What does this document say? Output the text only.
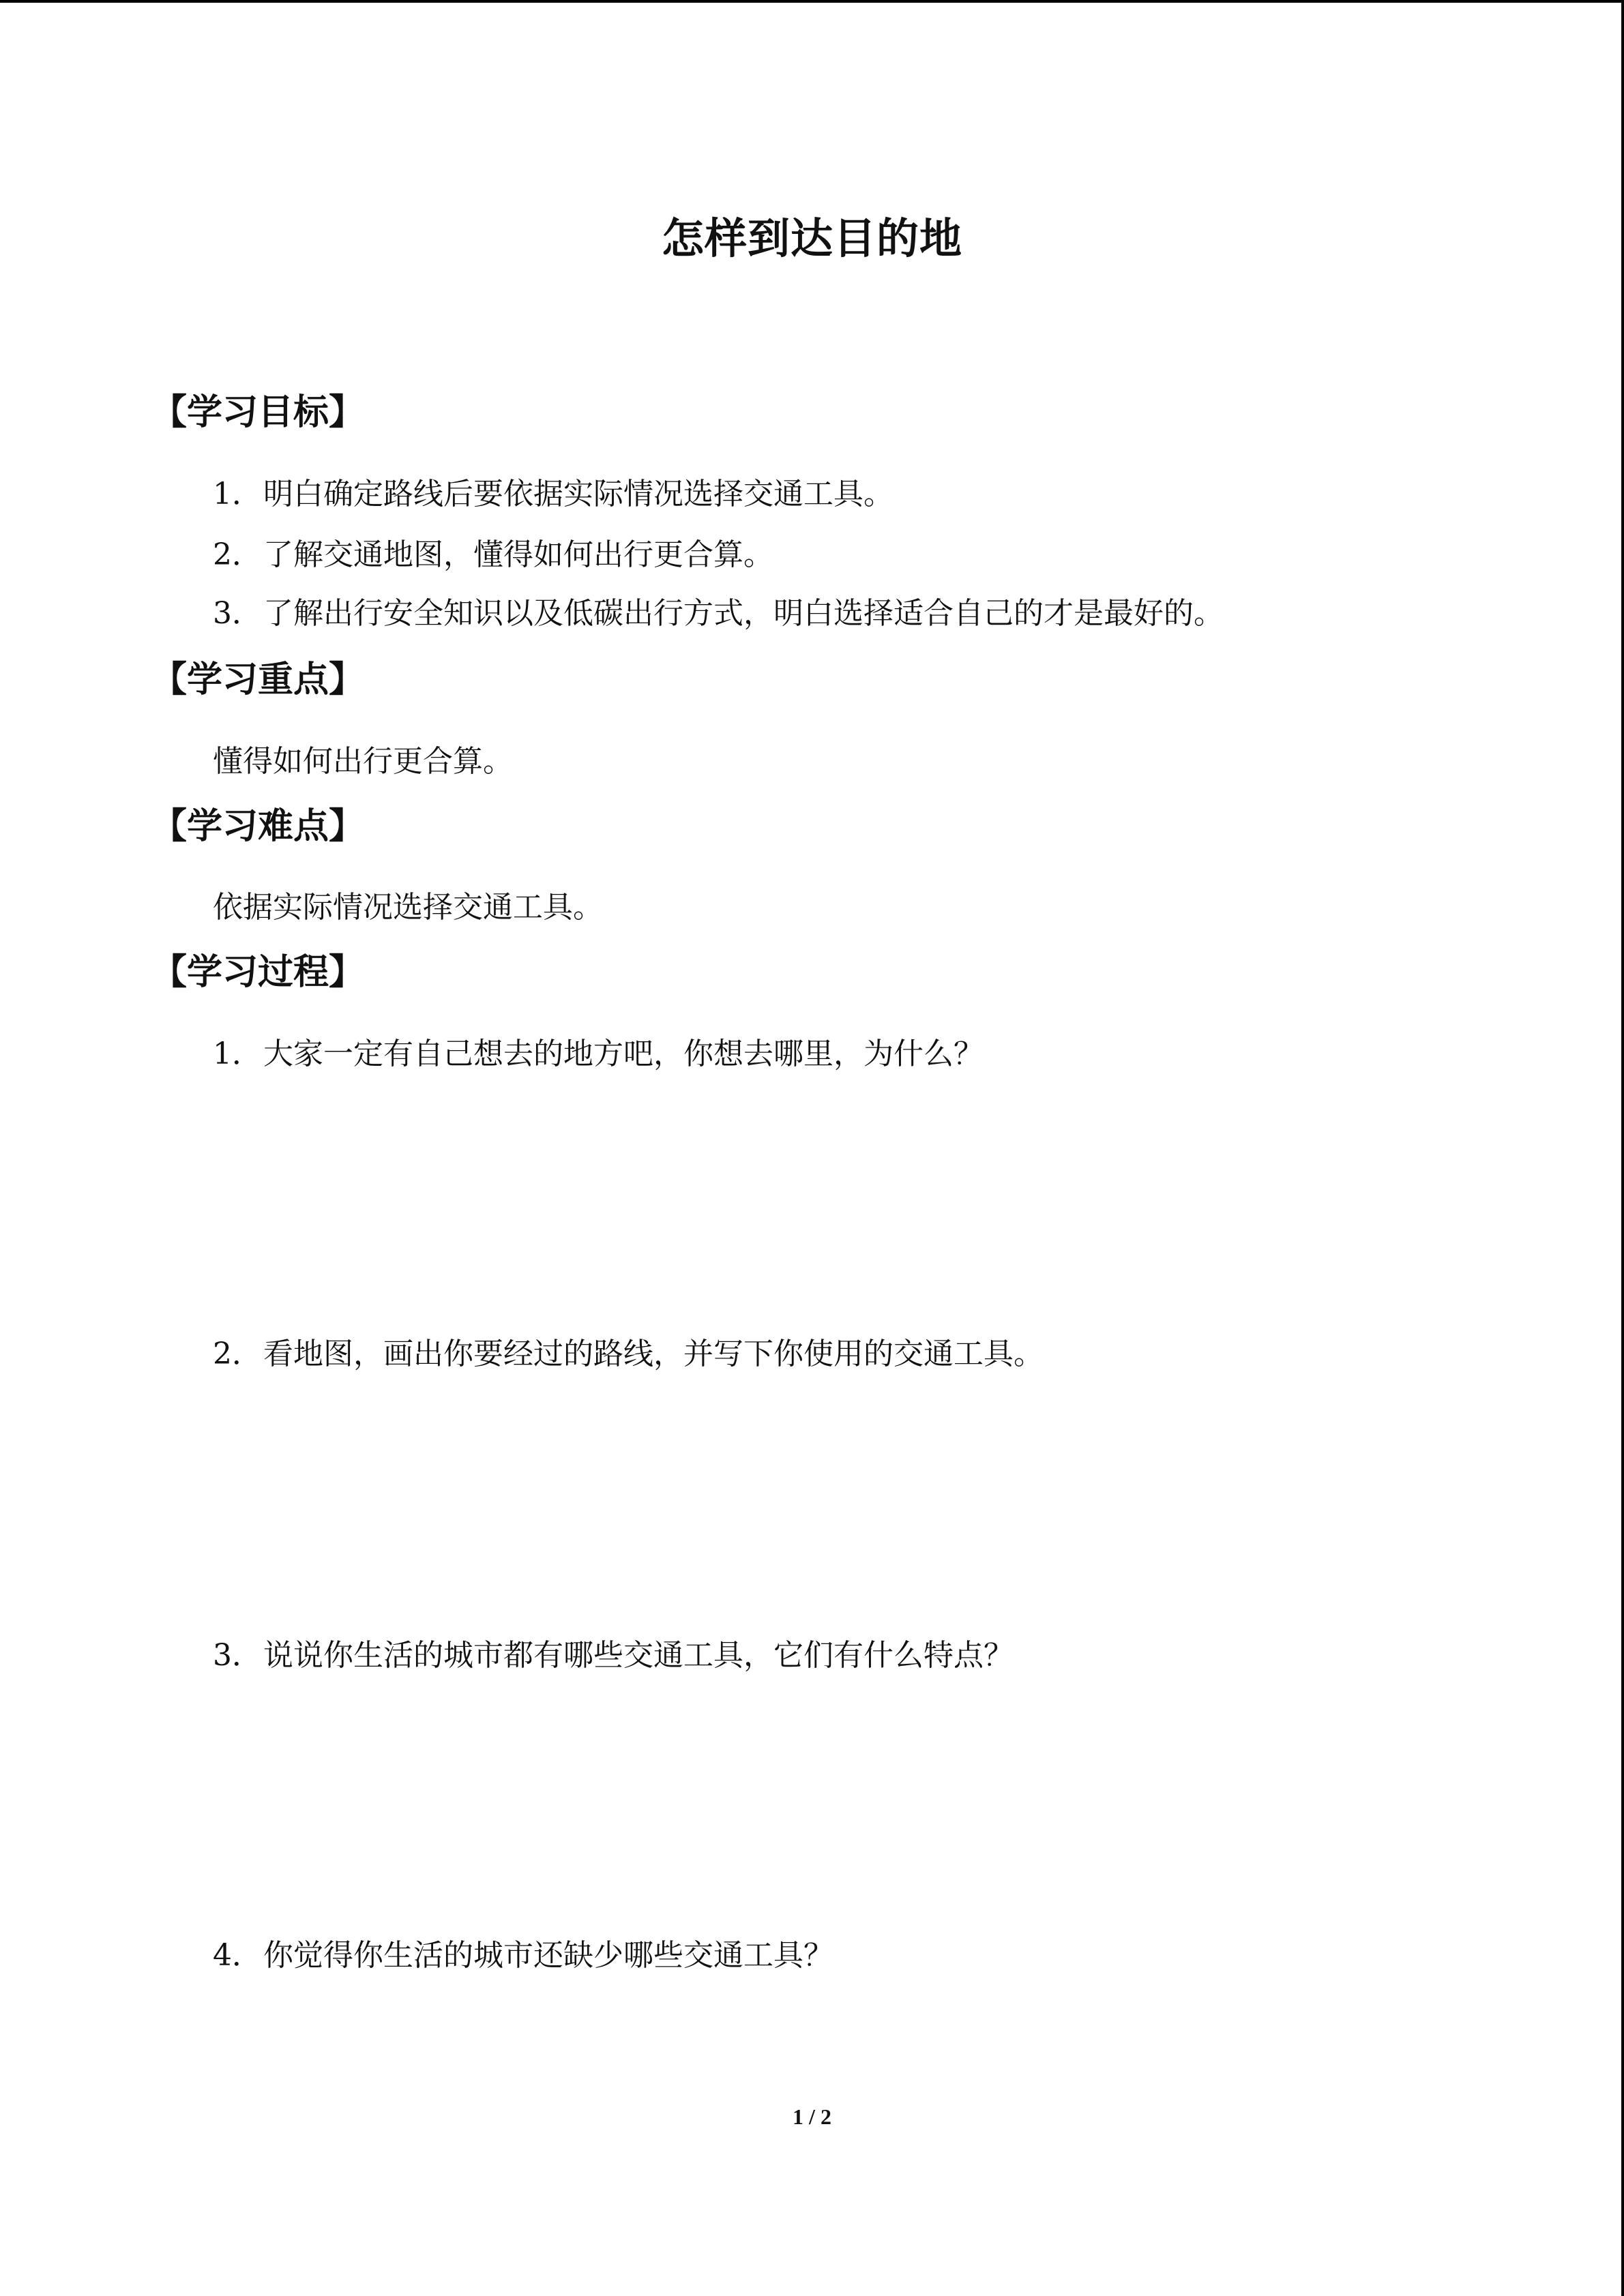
怎样到达目的地
【学习目标】
1．明白确定路线后要依据实际情况选择交通工具。
2．了解交通地图，懂得如何出行更合算。
3．了解出行安全知识以及低碳出行方式，明白选择适合自己的才是最好的。
【学习重点】
懂得如何出行更合算。
【学习难点】
依据实际情况选择交通工具。
【学习过程】
1．大家一定有自己想去的地方吧，你想去哪里，为什么？
2．看地图，画出你要经过的路线，并写下你使用的交通工具。
3．说说你生活的城市都有哪些交通工具，它们有什么特点？
4．你觉得你生活的城市还缺少哪些交通工具？
1 / 2
